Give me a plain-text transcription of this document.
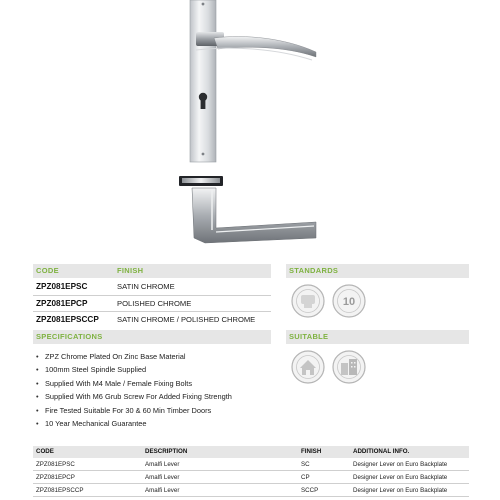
CODE	FINISH
ZPZ081EPSC	SATIN CHROME
ZPZ081EPCP	POLISHED CHROME
ZPZ081EPSCCP SATIN CHROME / POLISHED CHROME
SPECIFICATIONS
• ZPZ Chrome Plated On Zinc Base Material
• 100mm Steel Spindle Supplied
• Supplied With M4 Male / Female Fixing Bolts
• Supplied With M6 Grub Screw For Added Fixing Strength
• Fire Tested Suitable For 30 & 60 Min Timber Doors
• 10 Year Mechanical Guarantee
STANDARDS
10
SUITABLE
CODE	DESCRIPTION	FINISH	ADDITIONAL INFO.
ZPZ081EPSC	Amalfi Lever	SC	Designer Lever on Euro Backplate
ZPZ081EPCP	Amalfi Lever	CP	Designer Lever on Euro Backplate
ZPZ081EPSCCP	Amalfi Lever	SCCP	Designer Lever on Euro Backplate
